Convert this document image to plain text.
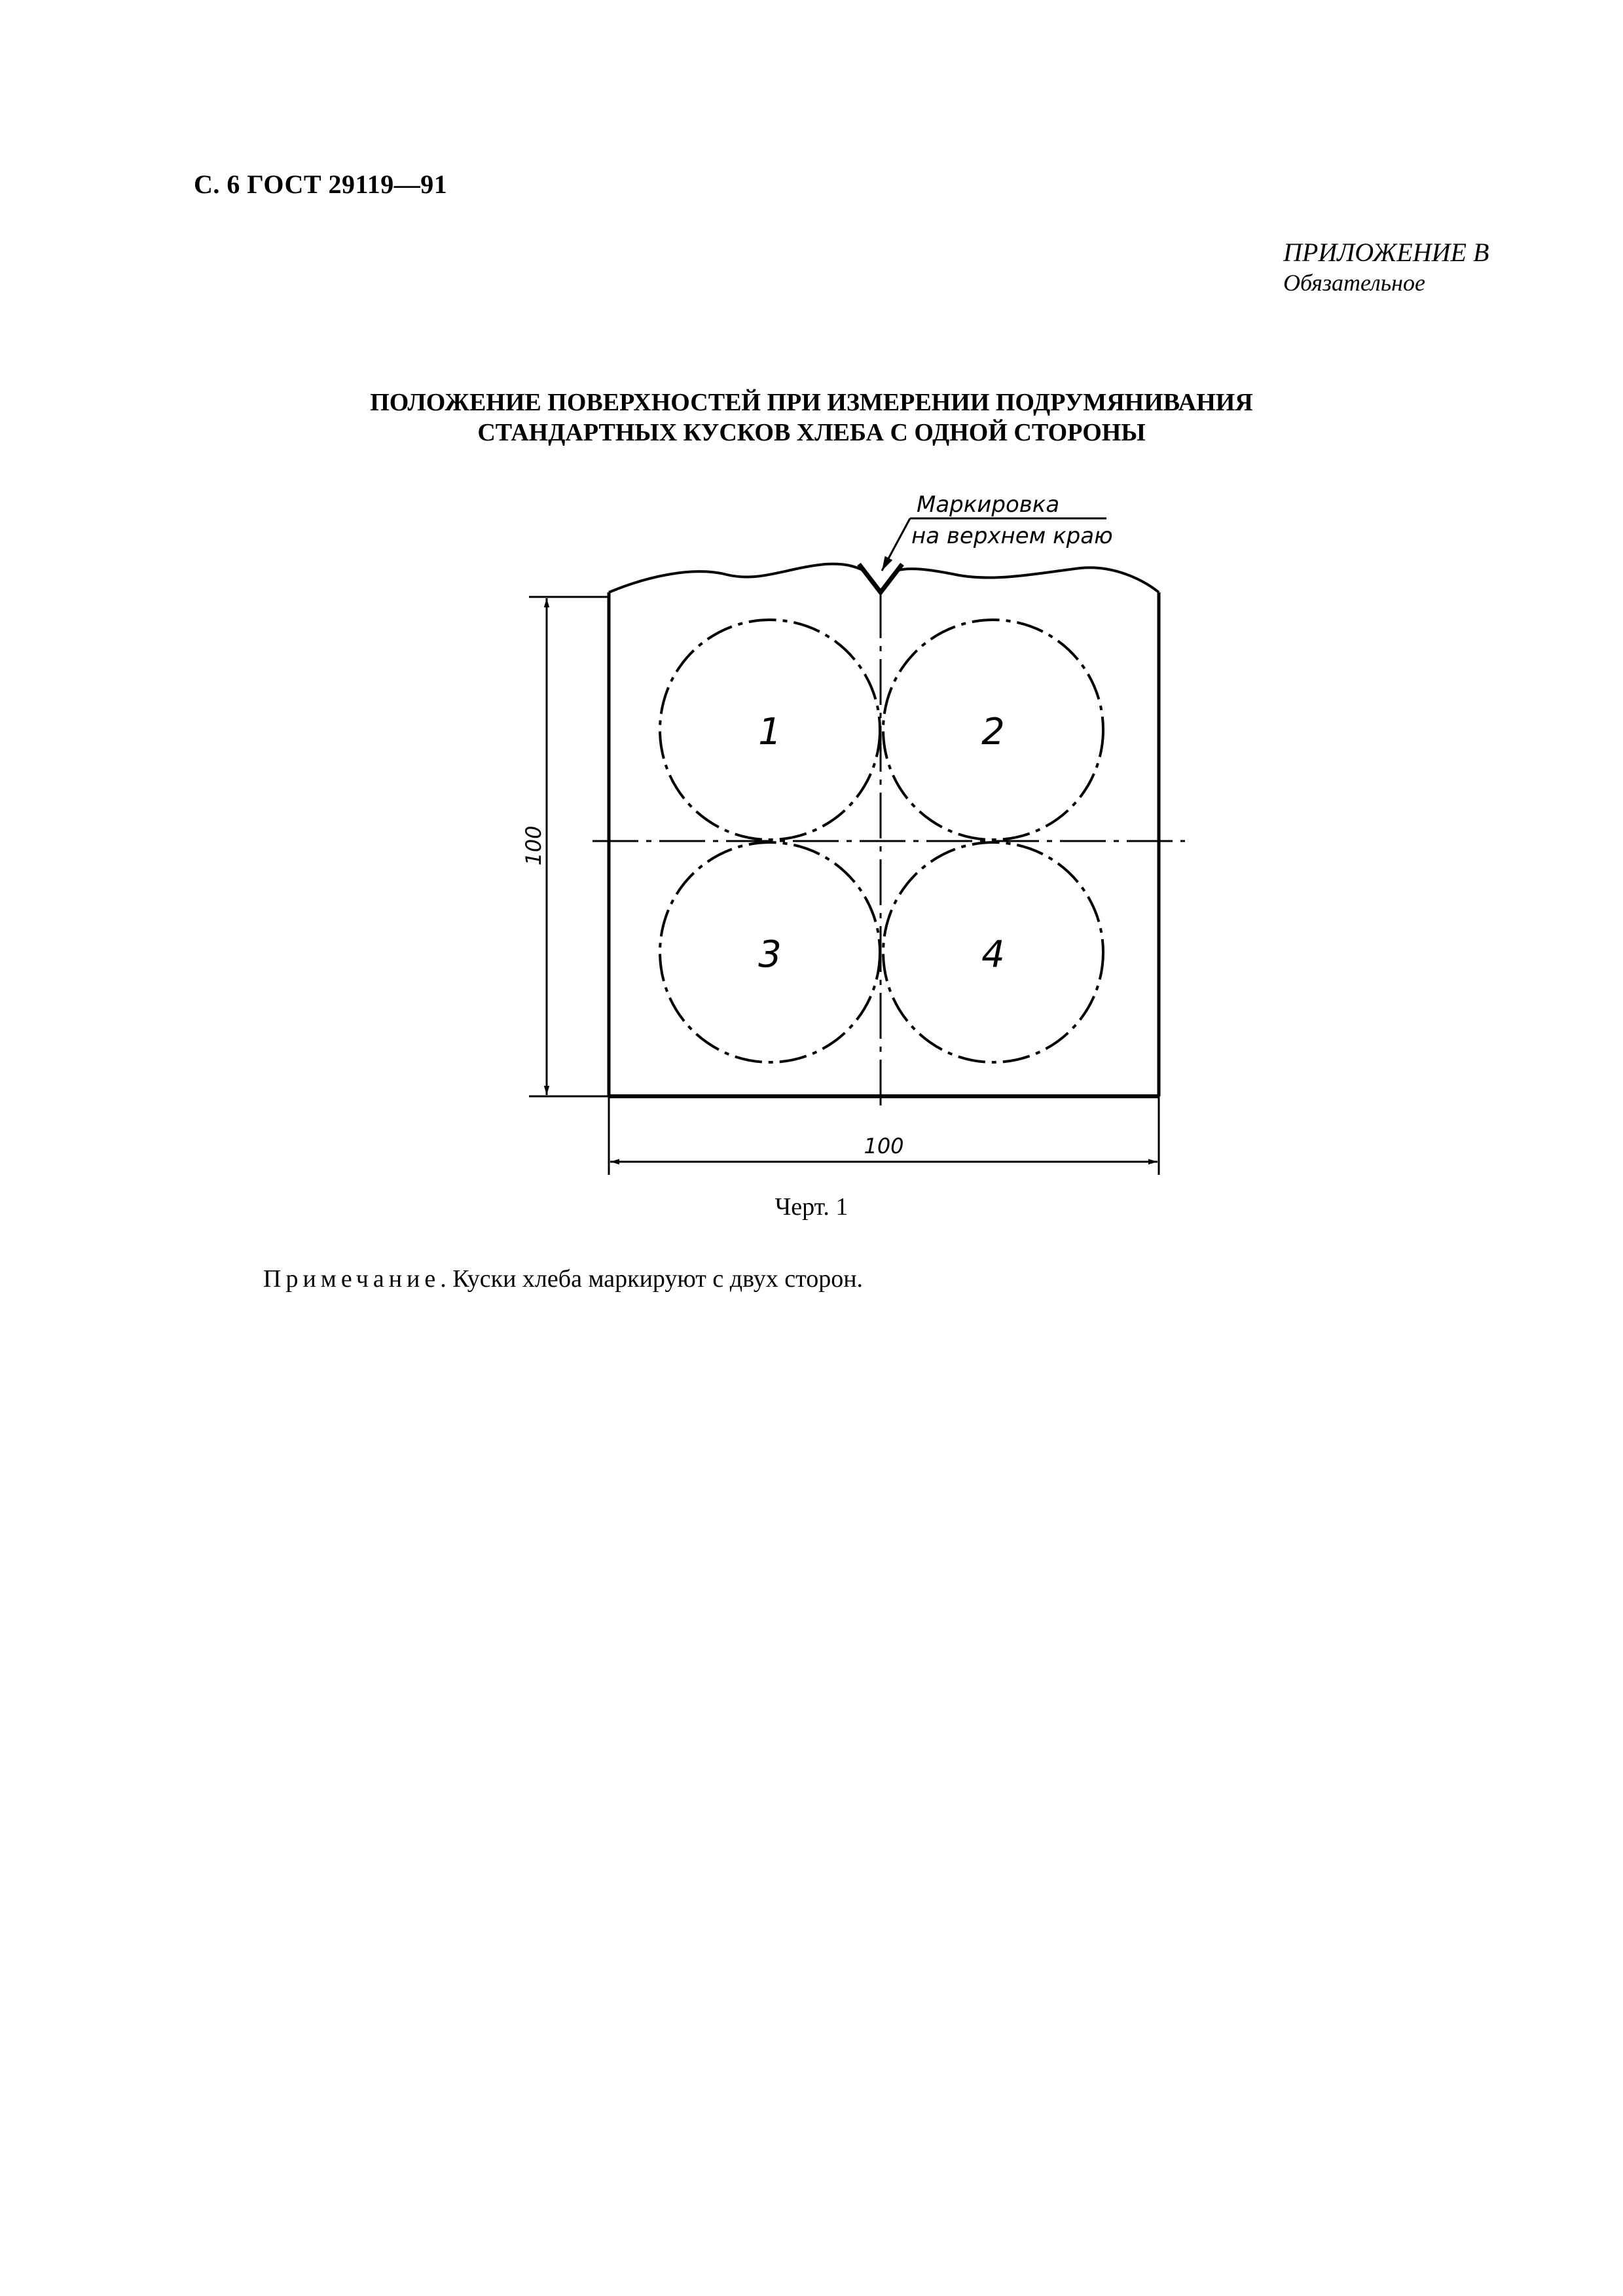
С. 6 ГОСТ 29119—91
ПРИЛОЖЕНИЕ В
Обязательное
ПОЛОЖЕНИЕ ПОВЕРХНОСТЕЙ ПРИ ИЗМЕРЕНИИ ПОДРУМЯНИВАНИЯ
СТАНДАРТНЫХ КУСКОВ ХЛЕБА С ОДНОЙ СТОРОНЫ
1	2
3	4
Маркировка
на верхнем краю
100
100
Черт. 1
Примечание. Куски хлеба маркируют с двух сторон.
